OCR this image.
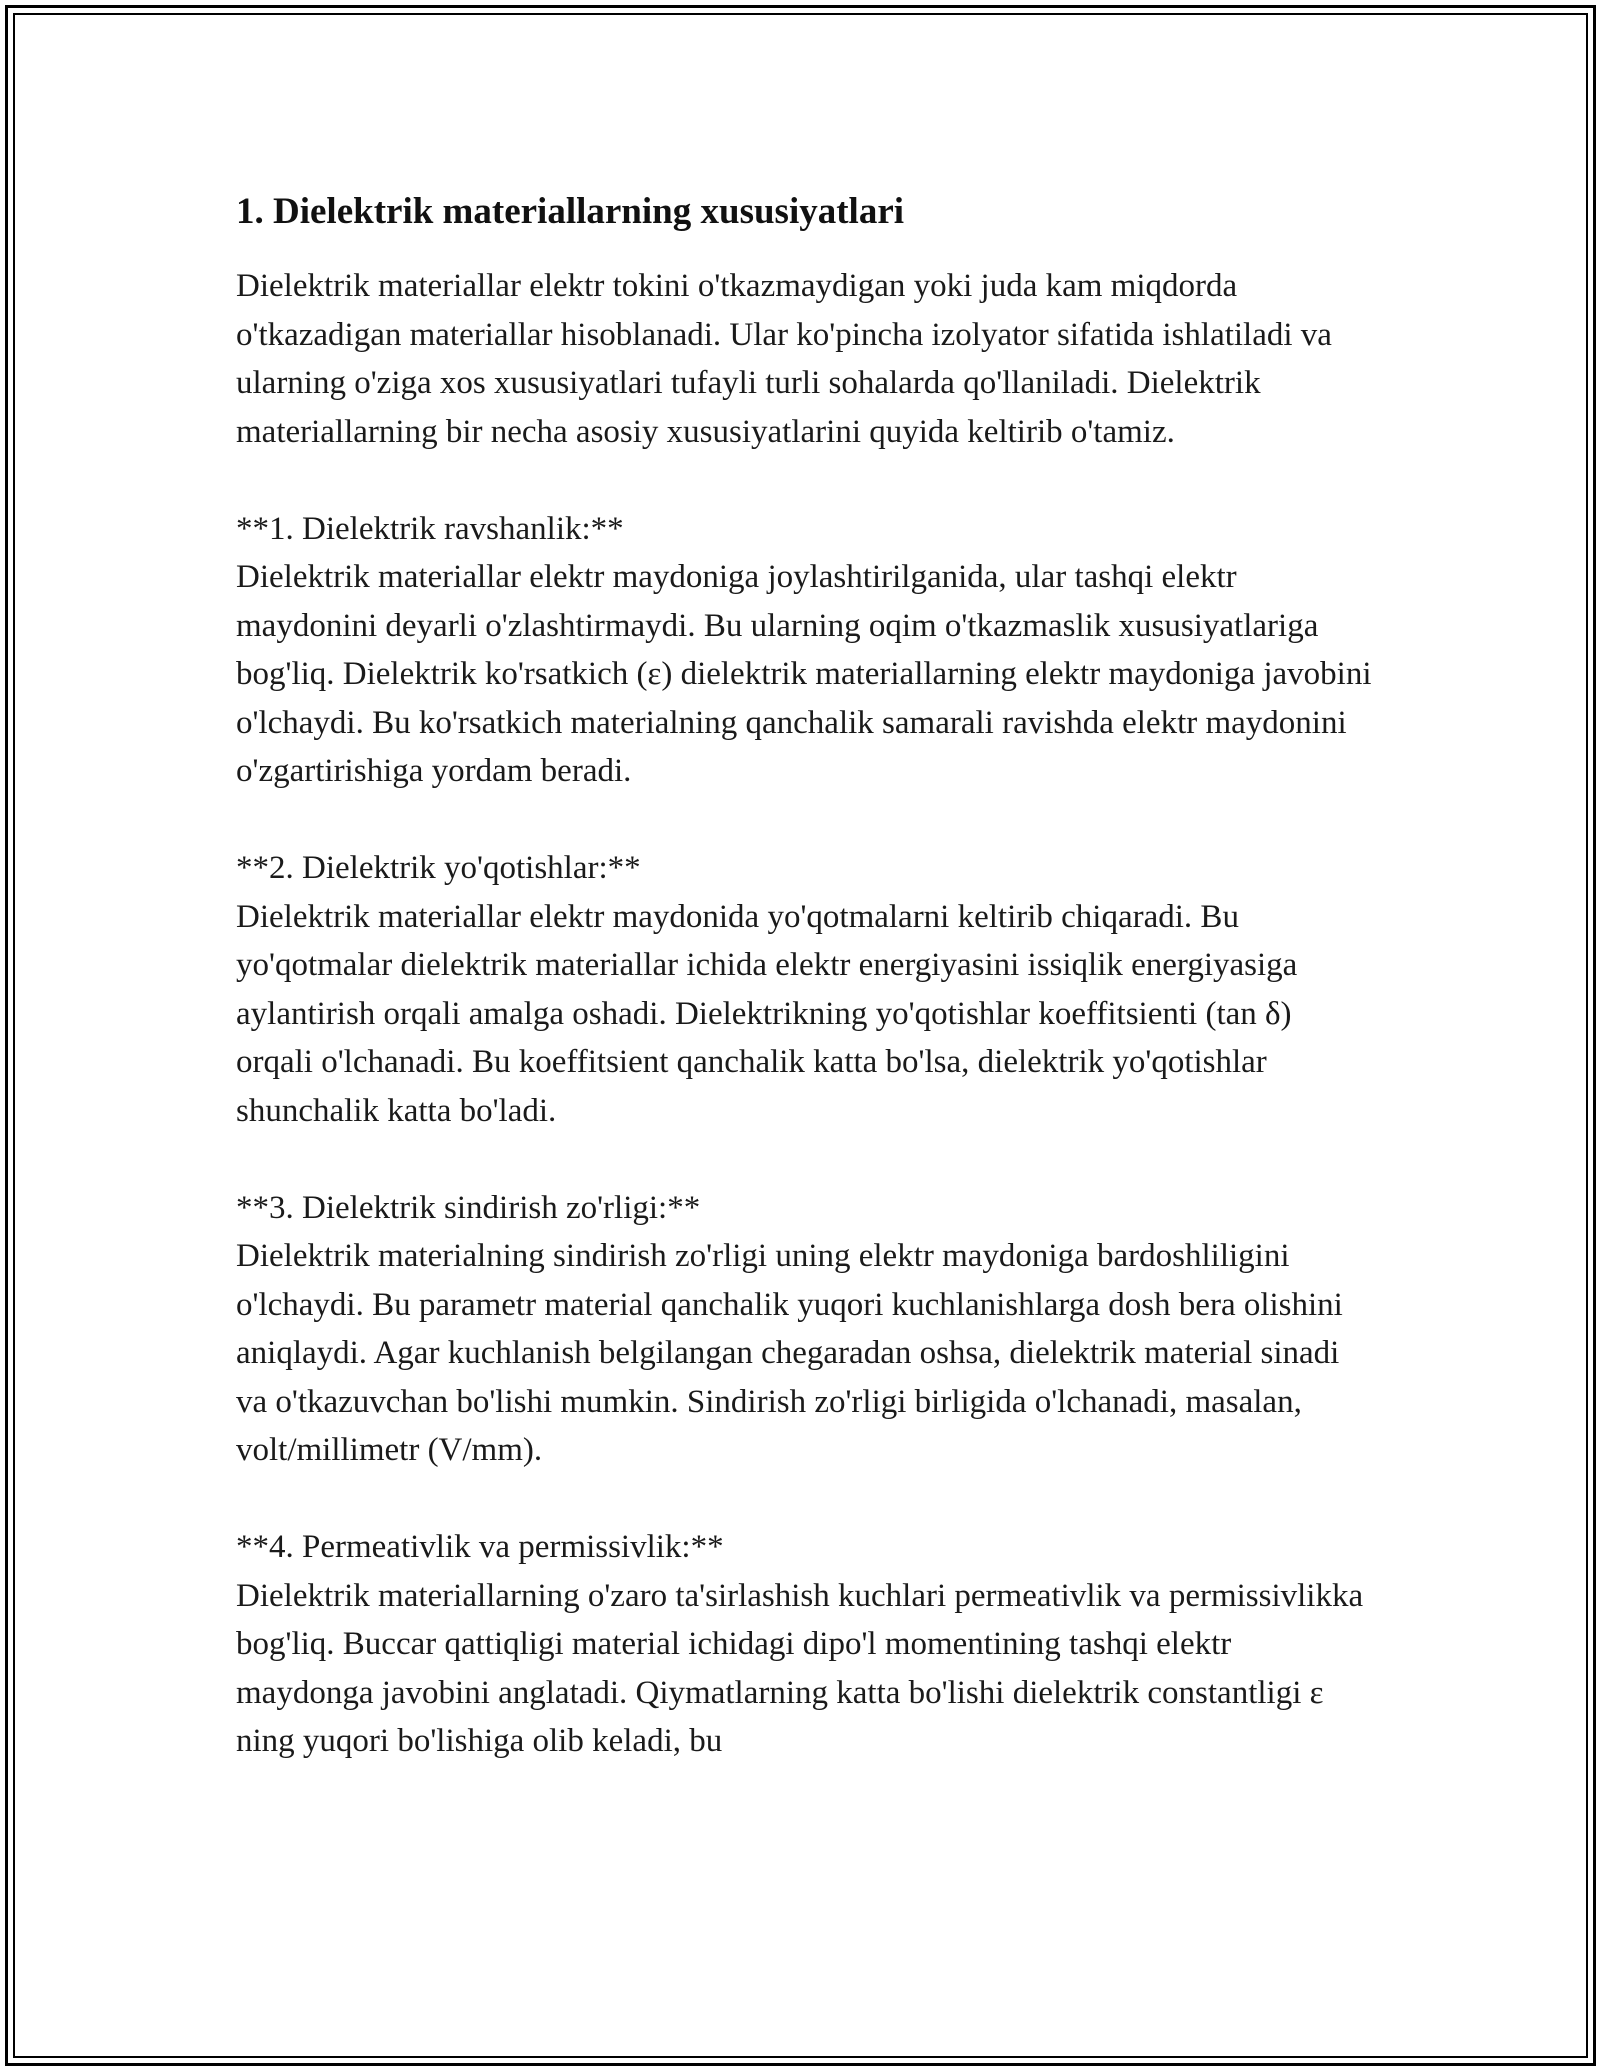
1. Dielektrik materiallarning xususiyatlari

Dielektrik materiallar elektr tokini o'tkazmaydigan yoki juda kam miqdorda o'tkazadigan materiallar hisoblanadi. Ular ko'pincha izolyator sifatida ishlatiladi va ularning o'ziga xos xususiyatlari tufayli turli sohalarda qo'llaniladi. Dielektrik materiallarning bir necha asosiy xususiyatlarini quyida keltirib o'tamiz.

**1. Dielektrik ravshanlik:**

Dielektrik materiallar elektr maydoniga joylashtirilganida, ular tashqi elektr maydonini deyarli o'zlashtirmaydi. Bu ularning oqim o'tkazmaslik xususiyatlariga bog'liq. Dielektrik ko'rsatkich (ε) dielektrik materiallarning elektr maydoniga javobini o'lchaydi. Bu ko'rsatkich materialning qanchalik samarali ravishda elektr maydonini o'zgartirishiga yordam beradi.

**2. Dielektrik yo'qotishlar:**

Dielektrik materiallar elektr maydonida yo'qotmalarni keltirib chiqaradi. Bu yo'qotmalar dielektrik materiallar ichida elektr energiyasini issiqlik energiyasiga aylantirish orqali amalga oshadi. Dielektrikning yo'qotishlar koeffitsienti (tan δ) orqali o'lchanadi. Bu koeffitsient qanchalik katta bo'lsa, dielektrik yo'qotishlar shunchalik katta bo'ladi.

**3. Dielektrik sindirish zo'rligi:**

Dielektrik materialning sindirish zo'rligi uning elektr maydoniga bardoshliligini o'lchaydi. Bu parametr material qanchalik yuqori kuchlanishlarga dosh bera olishini aniqlaydi. Agar kuchlanish belgilangan chegaradan oshsa, dielektrik material sinadi va o'tkazuvchan bo'lishi mumkin. Sindirish zo'rligi birligida o'lchanadi, masalan, volt/millimetr (V/mm).

**4. Permeativlik va permissivlik:**

Dielektrik materiallarning o'zaro ta'sirlashish kuchlari permeativlik va permissivlikka bog'liq. Buccar qattiqligi material ichidagi dipo'l momentining tashqi elektr maydonga javobini anglatadi. Qiymatlarning katta bo'lishi dielektrik constantligi ε ning yuqori bo'lishiga olib keladi, bu
